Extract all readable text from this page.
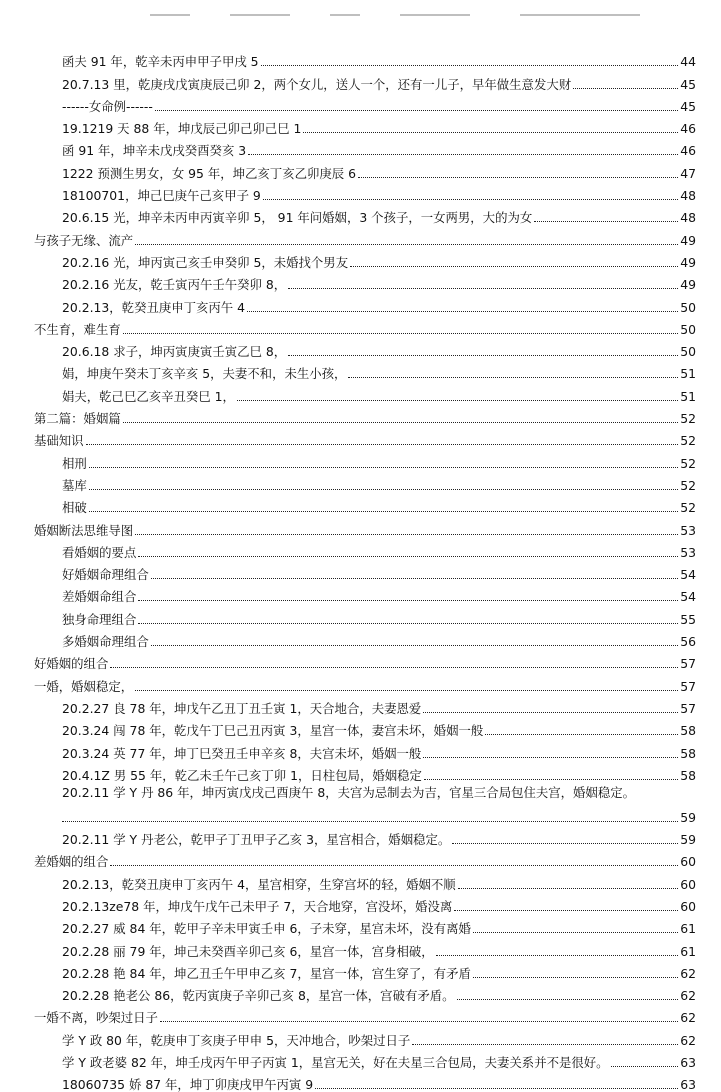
函夫 91 年，乾辛未丙申甲子甲戌 5	44
20.7.13 里，乾庚戌戊寅庚辰己卯 2，两个女儿，送人一个，还有一儿子，早年做生意发大财	45
------女命例------	45
19.1219 天 88 年，坤戊辰己卯己卯己巳 1	46
函 91 年，坤辛未戊戌癸酉癸亥 3	46
1222 预测生男女，女 95 年，坤乙亥丁亥乙卯庚辰 6	47
18100701，坤己巳庚午己亥甲子 9	48
20.6.15 光，坤辛未丙申丙寅辛卯 5， 91 年问婚姻，3 个孩子，一女两男，大的为女	48
与孩子无缘、流产	49
20.2.16 光，坤丙寅己亥壬申癸卯 5，未婚找个男友	49
20.2.16 光友，乾壬寅丙午壬午癸卯 8，	49
20.2.13，乾癸丑庚申丁亥丙午 4	50
不生育，难生育	50
20.6.18 求子，坤丙寅庚寅壬寅乙巳 8，	50
娟，坤庚午癸未丁亥辛亥 5，夫妻不和，未生小孩，	51
娟夫，乾己巳乙亥辛丑癸巳 1，	51
第二篇：婚姻篇	52
基础知识	52
相刑	52
墓库	52
相破	52
婚姻断法思维导图	53
看婚姻的要点	53
好婚姻命理组合	54
差婚姻命组合	54
独身命理组合	55
多婚姻命理组合	56
好婚姻的组合	57
一婚，婚姻稳定，	57
20.2.27 良 78 年，坤戊午乙丑丁丑壬寅 1，天合地合，夫妻恩爱	57
20.3.24 闯 78 年，乾戊午丁巳己丑丙寅 3，星宫一体，妻宫未坏，婚姻一般	58
20.3.24 英 77 年，坤丁巳癸丑壬申辛亥 8，夫宫未坏，婚姻一般	58
20.4.1Z 男 55 年，乾乙未壬午己亥丁卯 1，日柱包局，婚姻稳定	58
20.2.11 学 Y 丹 86 年，坤丙寅戊戌己酉庚午 8，夫宫为忌制去为吉，官星三合局包住夫宫，婚姻稳定。
59
20.2.11 学 Y 丹老公，乾甲子丁丑甲子乙亥 3，星宫相合，婚姻稳定。	59
差婚姻的组合	60
20.2.13，乾癸丑庚申丁亥丙午 4，星宫相穿，生穿宫坏的轻，婚姻不顺	60
20.2.13ze78 年，坤戊午戊午己未甲子 7，天合地穿，宫没坏，婚没离	60
20.2.27 威 84 年，乾甲子辛未甲寅壬申 6，子未穿，星宫未坏，没有离婚	61
20.2.28 丽 79 年，坤己未癸酉辛卯己亥 6，星宫一体，宫身相破，	61
20.2.28 艳 84 年，坤乙丑壬午甲申乙亥 7，星宫一体，宫生穿了，有矛盾	62
20.2.28 艳老公 86，乾丙寅庚子辛卯己亥 8，星宫一体，宫破有矛盾。	62
一婚不离，吵架过日子	62
学 Y 政 80 年，乾庚申丁亥庚子甲申 5，天冲地合，吵架过日子	62
学 Y 政老婆 82 年，坤壬戌丙午甲子丙寅 1，星宫无关，好在夫星三合包局，夫妻关系并不是很好。	63
18060735 娇 87 年，坤丁卯庚戌甲午丙寅 9	63
